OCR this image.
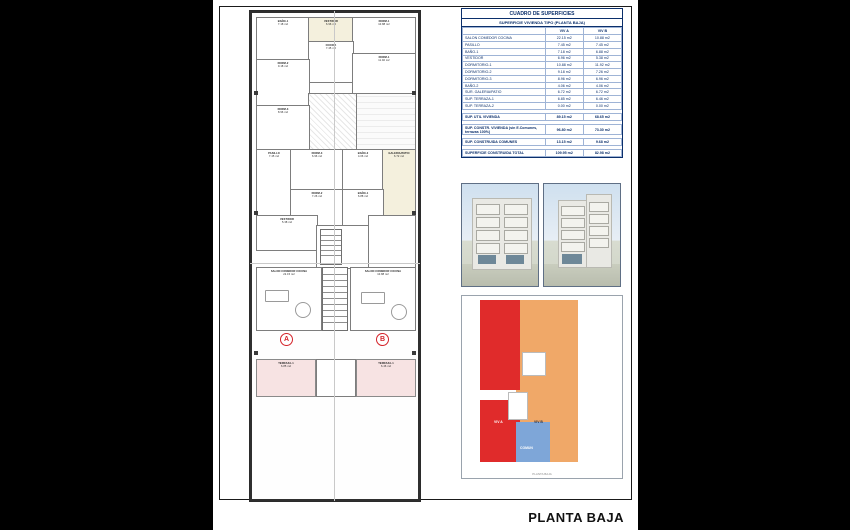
BAÑO-1
7.18 m2
VESTIDOR
6.96 m2
DORM-1
10.88 m2
COCINA
7.45 m2
DORM-1
11.92 m2
DORM-2
9.18 m2
DORM-3
8.96 m2
PASILLO
7.45 m2
DORM-3
6.96 m2
BAÑO-2
4.06 m2
GALERIA/PATIO
6.72 m2
DORM-2
7.26 m2
BAÑO-1
6.88 m2
VESTIDOR
5.38 m2
SALON COMEDOR COCINA
22.15 m2
SALON COMEDOR COCINA
10.88 m2
A	B
TERRAZA-1
6.85 m2
TERRAZA-1
6.46 m2
CUADRO DE SUPERFICIES
SUPERFICIE VIVIENDA TIPO (PLANTA BAJA)
	VIV A	VIV B
SALON COMEDOR COCINA	22.15 m2	10.88 m2
PASILLO	7.45 m2	7.45 m2
BAÑO-1	7.18 m2	6.88 m2
VESTIDOR	6.96 m2	5.38 m2
DORMITORIO-1	10.88 m2	11.92 m2
DORMITORIO-2	9.18 m2	7.26 m2
DORMITORIO-3	8.96 m2	6.96 m2
BAÑO-2	4.06 m2	4.06 m2
SUR. GALERIA/PATIO	6.72 m2	6.72 m2
SUP. TERRAZA-1	6.85 m2	6.46 m2
SUP. TERRAZA-2	0.00 m2	0.00 m2

SUP. UTIL VIVIENDA	89.15 m2	68.65 m2

SUP. CONSTR. VIVIENDA (sin E.Comunes, terrazas 100%)	96.80 m2	73.30 m2

SUP. CONSTRUIDA COMUNES	13.15 m2	9.68 m2

SUPERFICIE CONSTRUIDA TOTAL	109.95 m2	82.98 m2
VIV A	VIV B
COMUN
PLANTA BAJA
PLANTA BAJA
